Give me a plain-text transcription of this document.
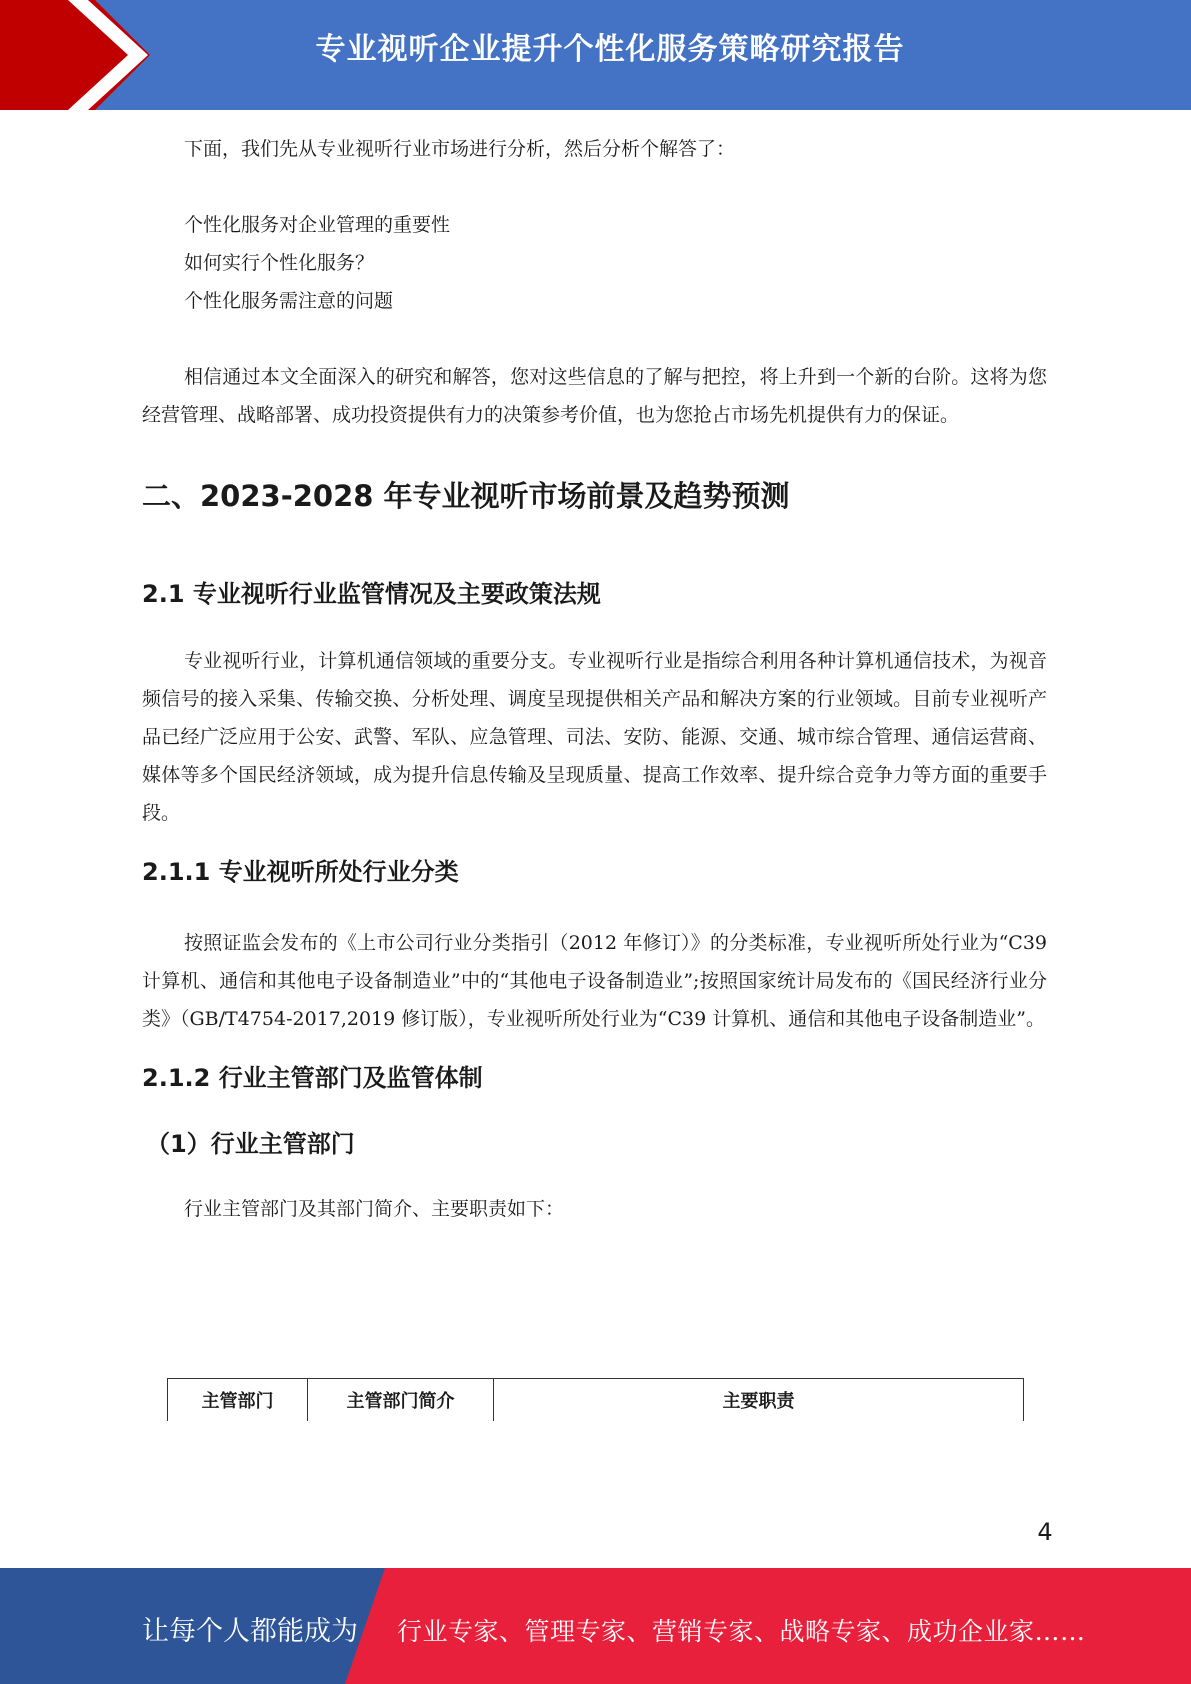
专业视听企业提升个性化服务策略研究报告

下面，我们先从专业视听行业市场进行分析，然后分析个解答了：

个性化服务对企业管理的重要性

如何实行个性化服务？

个性化服务需注意的问题

相信通过本文全面深入的研究和解答，您对这些信息的了解与把控，将上升到一个新的台阶。这将为您经营管理、战略部署、成功投资提供有力的决策参考价值，也为您抢占市场先机提供有力的保证。

二、2023-2028 年专业视听市场前景及趋势预测
2.1 专业视听行业监管情况及主要政策法规

专业视听行业，计算机通信领域的重要分支。专业视听行业是指综合利用各种计算机通信技术，为视音频信号的接入采集、传输交换、分析处理、调度呈现提供相关产品和解决方案的行业领域。目前专业视听产品已经广泛应用于公安、武警、军队、应急管理、司法、安防、能源、交通、城市综合管理、通信运营商、媒体等多个国民经济领域，成为提升信息传输及呈现质量、提高工作效率、提升综合竞争力等方面的重要手段。

2.1.1 专业视听所处行业分类

按照证监会发布的《上市公司行业分类指引（2012 年修订）》的分类标准，专业视听所处行业为“C39 计算机、通信和其他电子设备制造业”中的“其他电子设备制造业”;按照国家统计局发布的《国民经济行业分类》（GB/T4754-2017,2019 修订版），专业视听所处行业为“C39 计算机、通信和其他电子设备制造业”。

2.1.2 行业主管部门及监管体制
（1）行业主管部门

行业主管部门及其部门简介、主要职责如下：

主管部门	主管部门简介	主要职责
4
让每个人都能成为 行业专家、管理专家、营销专家、战略专家、成功企业家……
